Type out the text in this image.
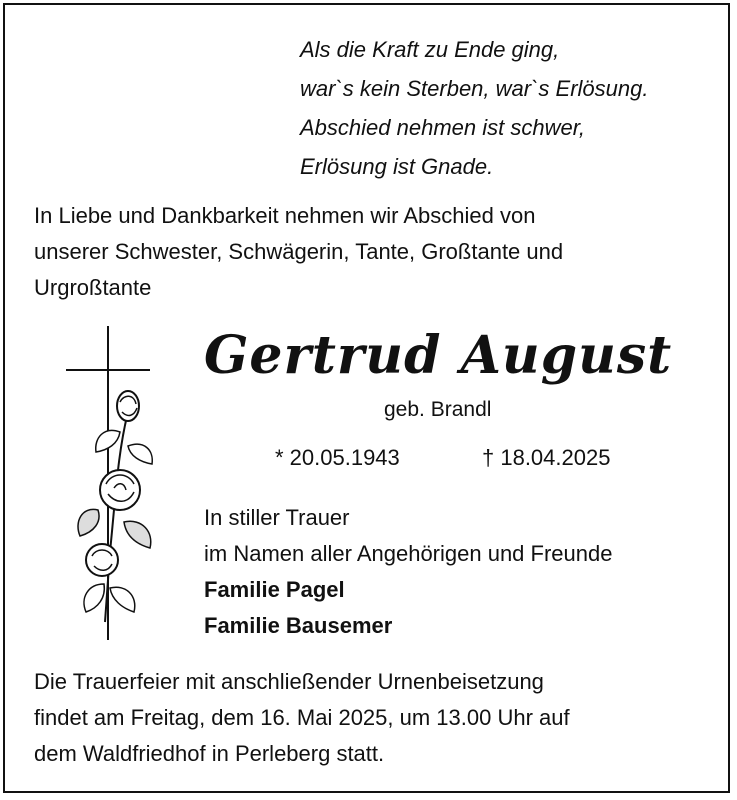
Als die Kraft zu Ende ging,
war`s kein Sterben, war`s Erlösung.
Abschied nehmen ist schwer,
Erlösung ist Gnade.
In Liebe und Dankbarkeit nehmen wir Abschied von
unserer Schwester, Schwägerin, Tante, Großtante und
Urgroßtante
Gertrud August
geb. Brandl
* 20.05.1943	† 18.04.2025
In stiller Trauer
im Namen aller Angehörigen und Freunde
Familie Pagel
Familie Bausemer
Die Trauerfeier mit anschließender Urnenbeisetzung
findet am Freitag, dem 16. Mai 2025, um 13.00 Uhr auf
dem Waldfriedhof in Perleberg statt.
